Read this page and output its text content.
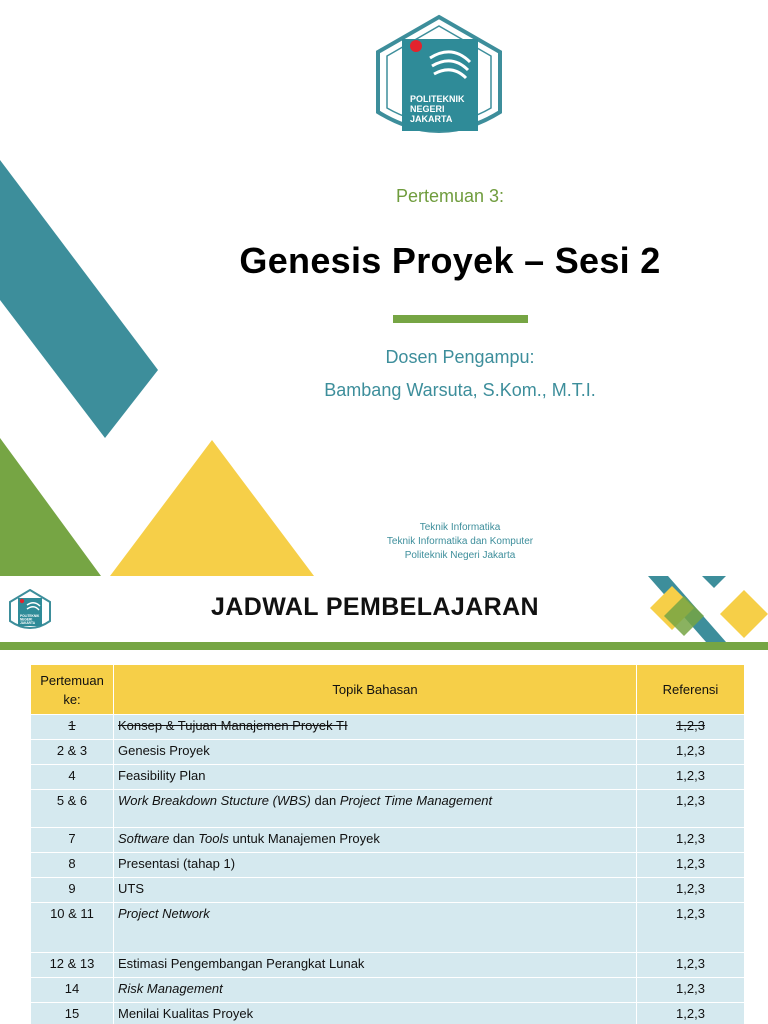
POLITEKNIK
NEGERI
JAKARTA
Pertemuan 3:
Genesis Proyek – Sesi 2
Dosen Pengampu:
Bambang Warsuta, S.Kom., M.T.I.
Teknik Informatika
Teknik Informatika dan Komputer
Politeknik Negeri Jakarta
POLITEKNIK
NEGERI
JAKARTA
JADWAL PEMBELAJARAN
Pertemuan ke:	Topik Bahasan	Referensi
1	Konsep & Tujuan Manajemen Proyek TI	1,2,3
2 & 3	Genesis Proyek	1,2,3
4	Feasibility Plan	1,2,3
5 & 6	Work Breakdown Stucture (WBS) dan Project Time Management	1,2,3
7	Software dan Tools untuk Manajemen Proyek	1,2,3
8	Presentasi (tahap 1)	1,2,3
9	UTS	1,2,3
10 & 11	Project Network	1,2,3
12 & 13	Estimasi Pengembangan Perangkat Lunak	1,2,3
14	Risk Management	1,2,3
15	Menilai Kualitas Proyek	1,2,3
